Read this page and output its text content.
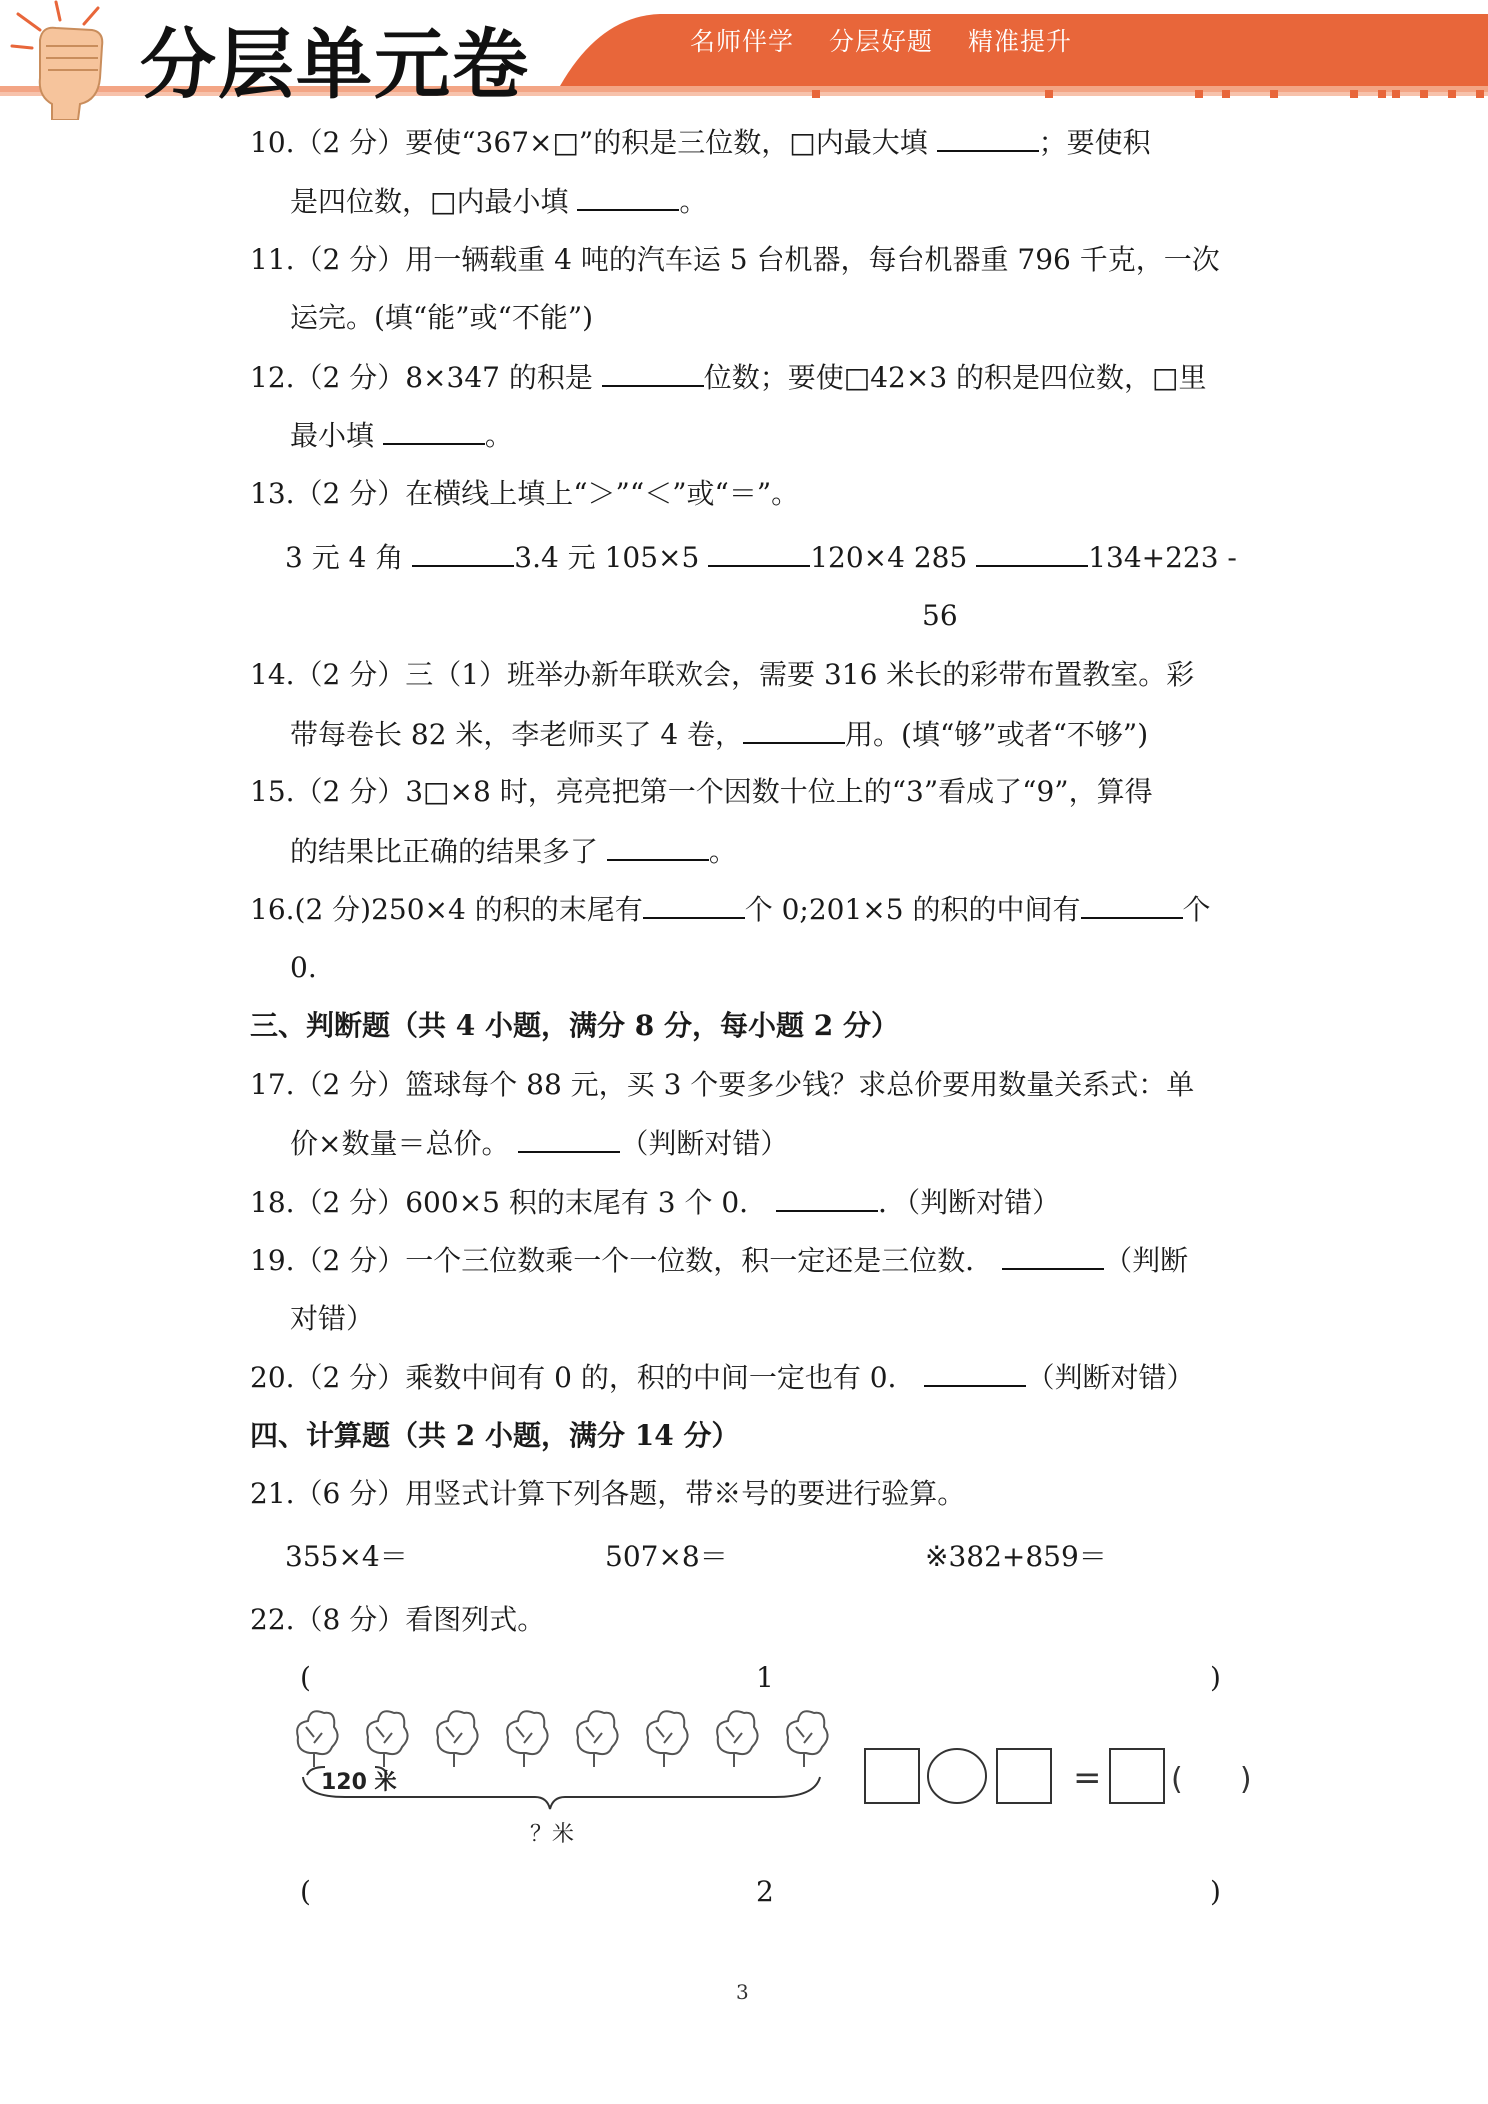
分层单元卷	名师伴学 分层好题 精准提升
10.（2 分）要使“367×□”的积是三位数，□内最大填	；要使积
是四位数，□内最小填	。
11.（2 分）用一辆载重 4 吨的汽车运 5 台机器，每台机器重 796 千克，一次
运完。(填“能”或“不能”)
12.（2 分）8×347 的积是	位数；要使□42×3 的积是四位数，□里
最小填	。
13.（2 分）在横线上填上“＞”“＜”或“＝”。
3 元 4 角	3.4 元 105×5	120×4 285	134+223 -
56
14.（2 分）三（1）班举办新年联欢会，需要 316 米长的彩带布置教室。彩
带每卷长 82 米，李老师买了 4 卷，	用。(填“够”或者“不够”)
15.（2 分）3□×8 时，亮亮把第一个因数十位上的“3”看成了“9”，算得
的结果比正确的结果多了	。
16.(2 分)250×4 的积的末尾有	个 0;201×5 的积的中间有	个
0.
三、判断题（共 4 小题，满分 8 分，每小题 2 分）
17.（2 分）篮球每个 88 元，买 3 个要多少钱？求总价要用数量关系式：单
价×数量＝总价。	（判断对错）
18.（2 分）600×5 积的末尾有 3 个 0．	．（判断对错）
19.（2 分）一个三位数乘一个一位数，积一定还是三位数．	（判断
对错）
20.（2 分）乘数中间有 0 的，积的中间一定也有 0．	（判断对错）
四、计算题（共 2 小题，满分 14 分）
21.（6 分）用竖式计算下列各题，带※号的要进行验算。
355×4＝	507×8＝	※382+859＝
22.（8 分）看图列式。
(	1	)
120 米
？米
= (      )
(	2	)
3
